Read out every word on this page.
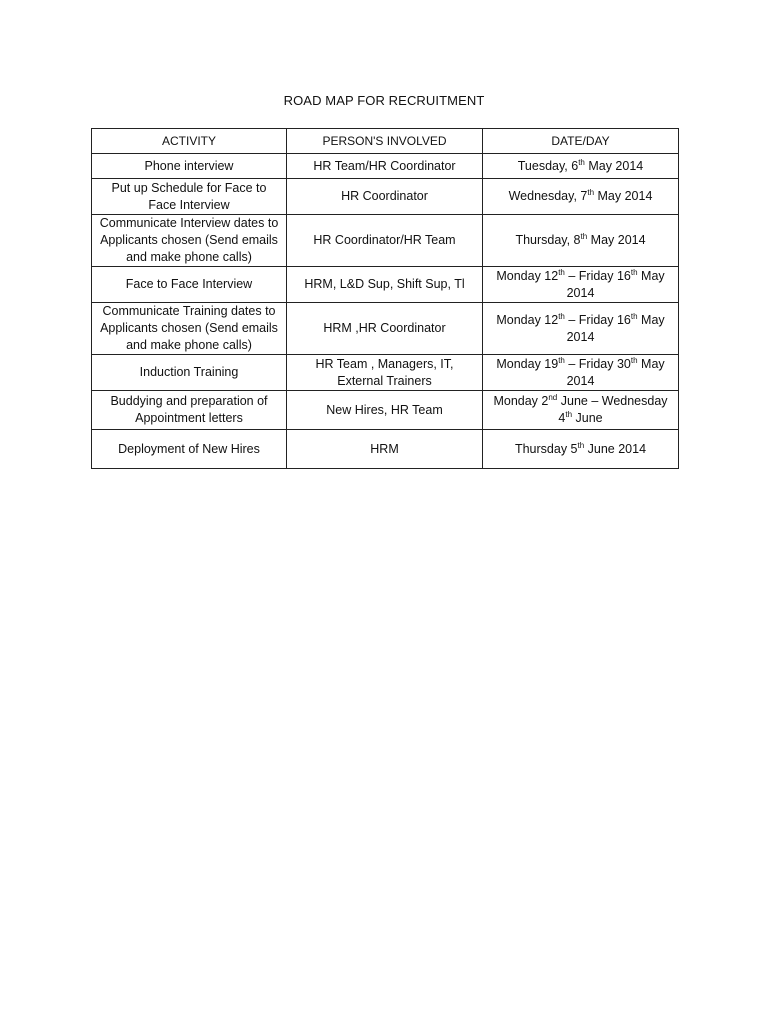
ROAD MAP FOR RECRUITMENT
ACTIVITY	PERSON'S INVOLVED	DATE/DAY
Phone interview	HR Team/HR Coordinator	Tuesday, 6th May 2014
Put up Schedule for Face to Face Interview	HR Coordinator	Wednesday, 7th May 2014
Communicate Interview dates to Applicants chosen (Send emails and make phone calls)	HR Coordinator/HR Team	Thursday, 8th May 2014
Face to Face Interview	HRM, L&D Sup, Shift Sup, Tl	Monday 12th – Friday 16th May 2014
Communicate Training dates to Applicants chosen (Send emails and make phone calls)	HRM ,HR Coordinator	Monday 12th – Friday 16th May 2014
Induction Training	HR Team , Managers, IT, External Trainers	Monday 19th – Friday 30th May 2014
Buddying and preparation of Appointment letters	New Hires, HR Team	Monday 2nd June – Wednesday 4th June
Deployment of New Hires	HRM	Thursday 5th June 2014
